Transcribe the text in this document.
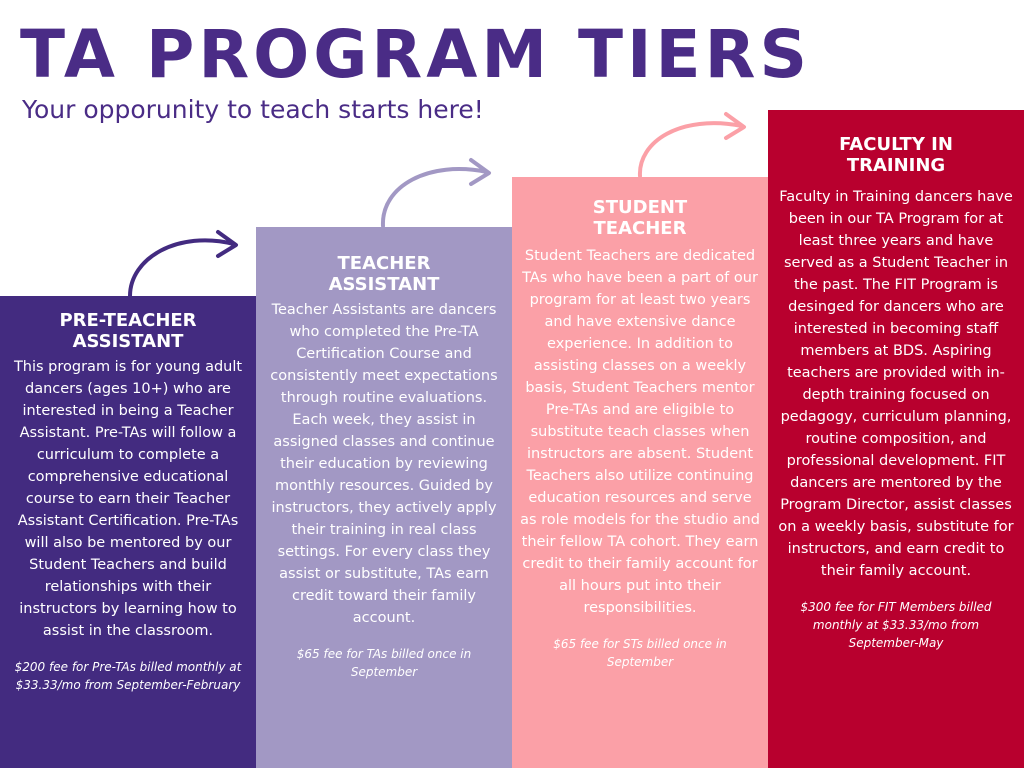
TA PROGRAM TIERS
Your opporunity to teach starts here!
PRE-TEACHER
ASSISTANT

This program is for young adult dancers (ages 10+) who are interested in being a Teacher Assistant. Pre-TAs will follow a curriculum to complete a comprehensive educational course to earn their Teacher Assistant Certification. Pre-TAs will also be mentored by our Student Teachers and build relationships with their instructors by learning how to assist in the classroom.

$200 fee for Pre-TAs billed monthly at $33.33/mo from September-February

TEACHER
ASSISTANT

Teacher Assistants are dancers who completed the Pre-TA Certification Course and consistently meet expectations through routine evaluations. Each week, they assist in assigned classes and continue their education by reviewing monthly resources. Guided by instructors, they actively apply their training in real class settings. For every class they assist or substitute, TAs earn credit toward their family account.

$65 fee for TAs billed once in September

STUDENT
TEACHER

Student Teachers are dedicated TAs who have been a part of our program for at least two years and have extensive dance experience. In addition to assisting classes on a weekly basis, Student Teachers mentor Pre-TAs and are eligible to substitute teach classes when instructors are absent. Student Teachers also utilize continuing education resources and serve as role models for the studio and their fellow TA cohort. They earn credit to their family account for all hours put into their responsibilities.

$65 fee for STs billed once in September

FACULTY IN
TRAINING

Faculty in Training dancers have been in our TA Program for at least three years and have served as a Student Teacher in the past. The FIT Program is desinged for dancers who are interested in becoming staff members at BDS. Aspiring teachers are provided with in-depth training focused on pedagogy, curriculum planning, routine composition, and professional development. FIT dancers are mentored by the Program Director, assist classes on a weekly basis, substitute for instructors, and earn credit to their family account.

$300 fee for FIT Members billed monthly at $33.33/mo from September-May
